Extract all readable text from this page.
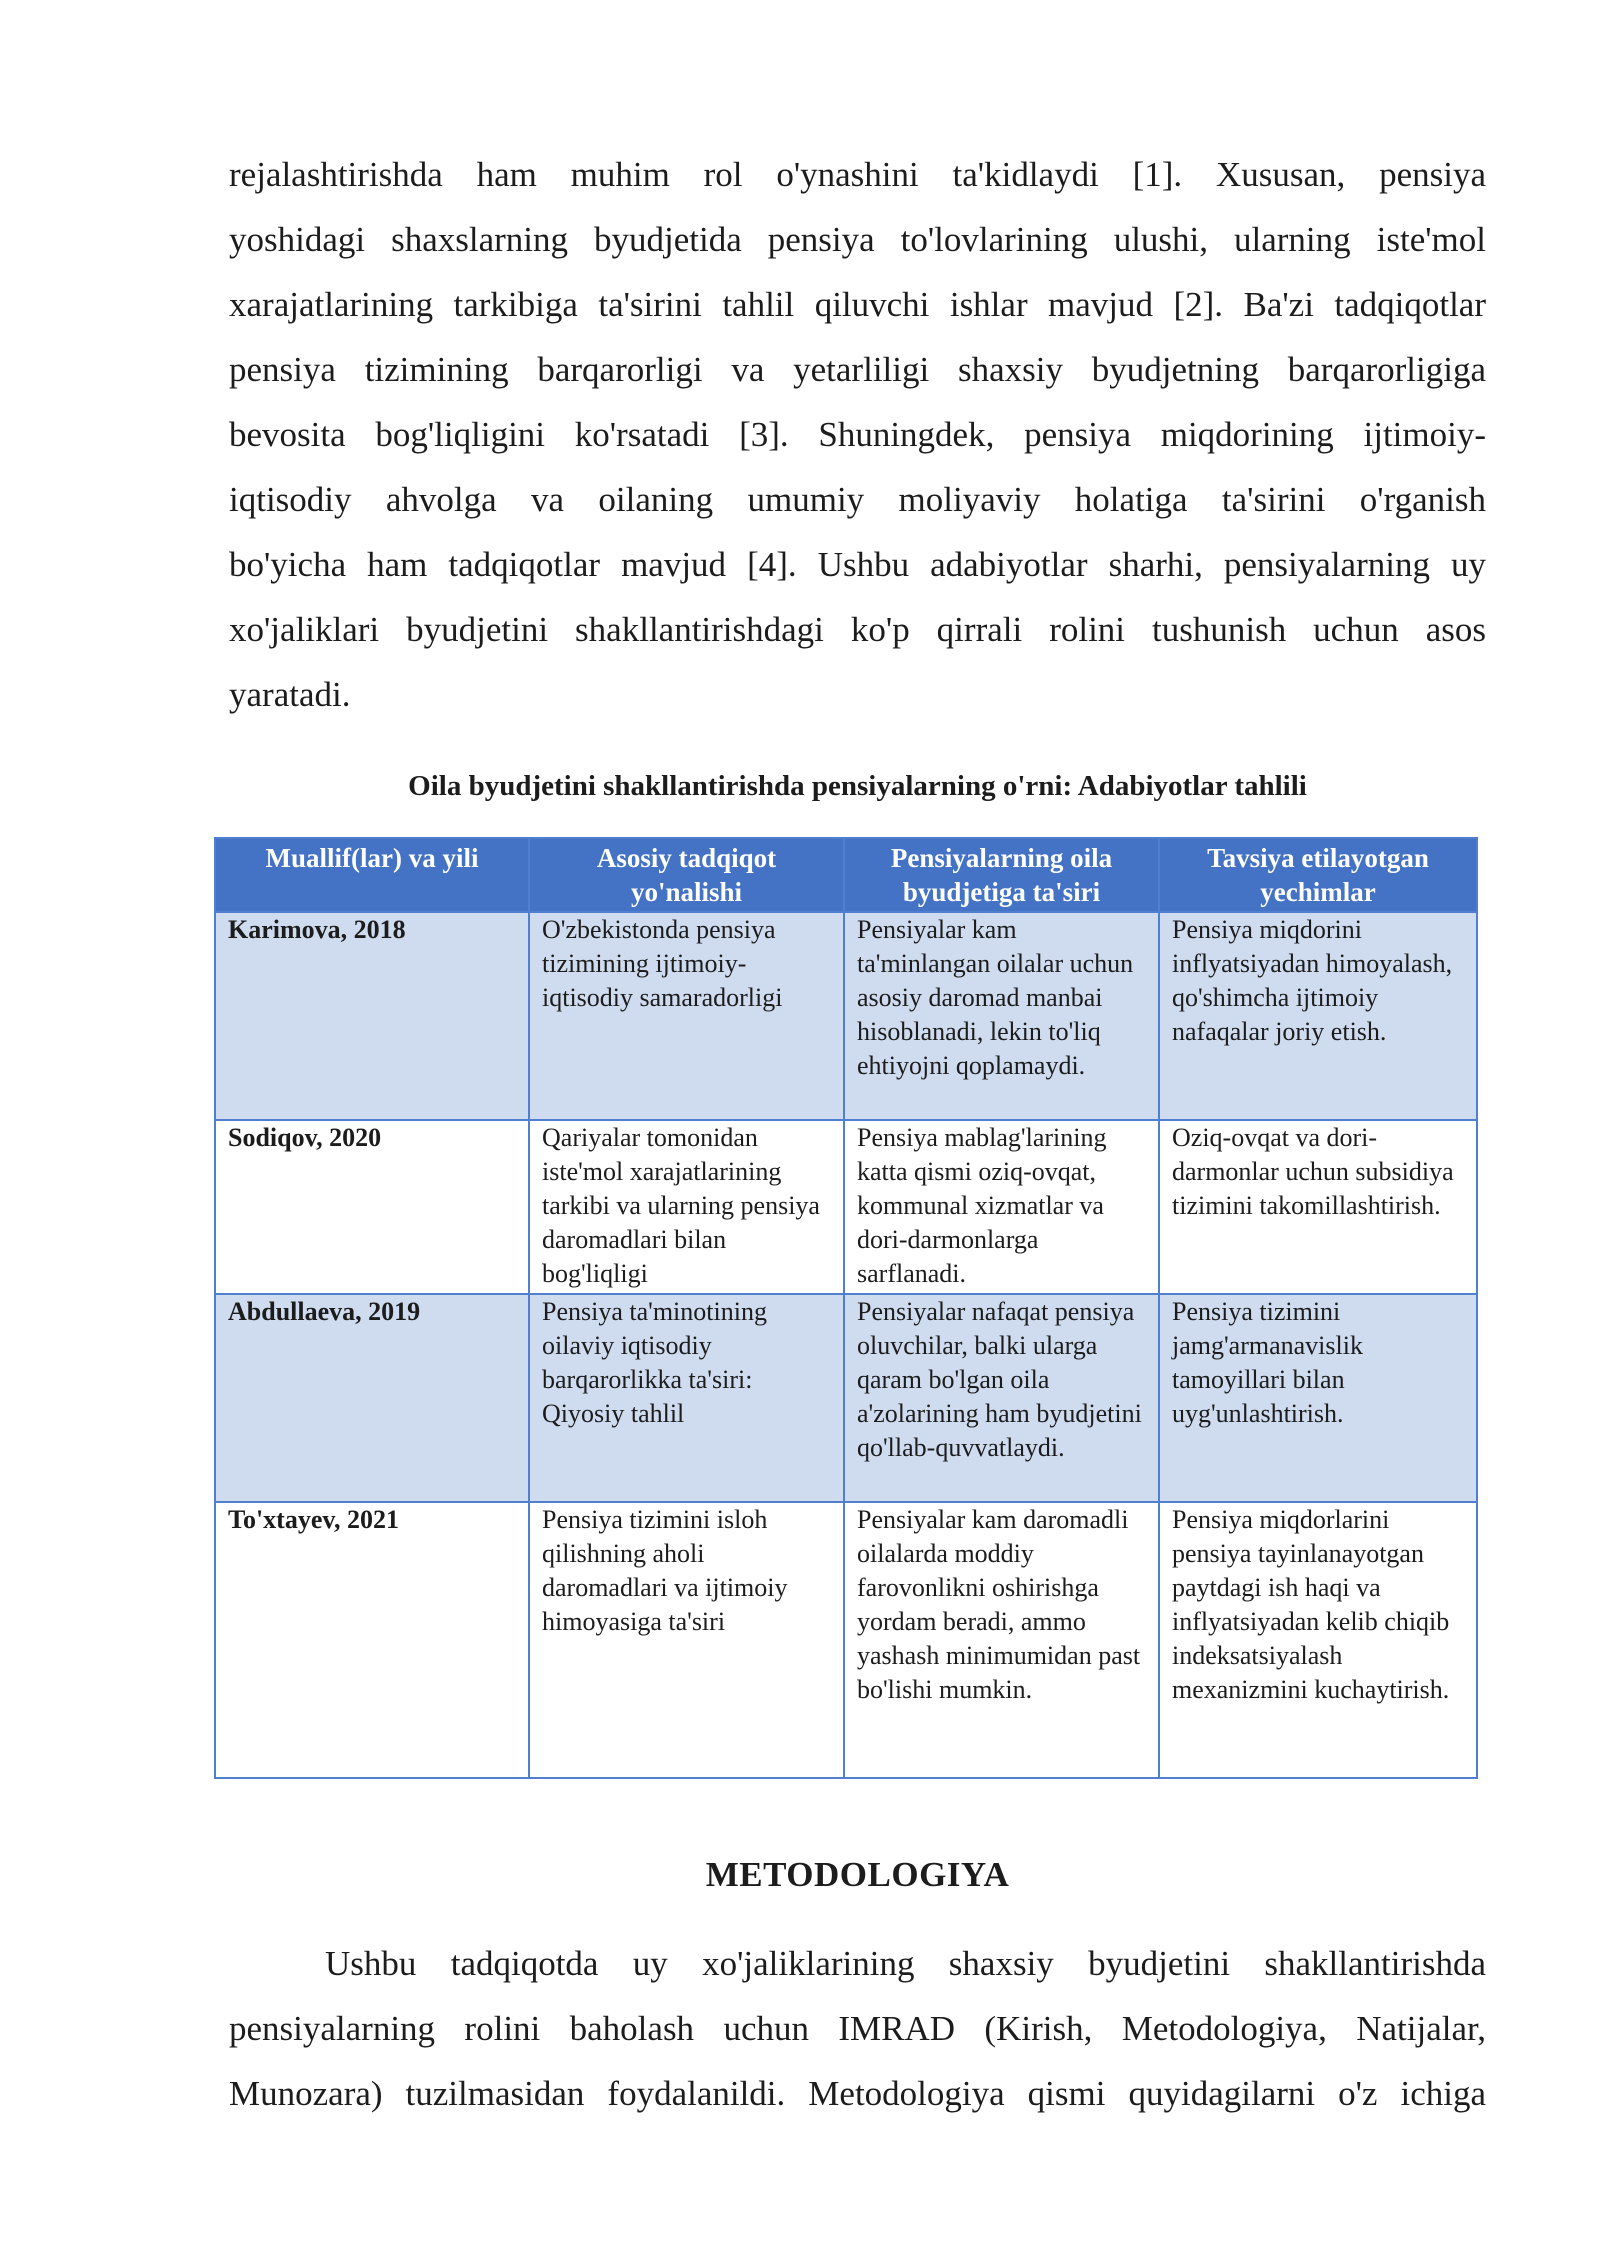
rejalashtirishda ham muhim rol o'ynashini ta'kidlaydi [1]. Xususan, pensiya
yoshidagi shaxslarning byudjetida pensiya to'lovlarining ulushi, ularning iste'mol
xarajatlarining tarkibiga ta'sirini tahlil qiluvchi ishlar mavjud [2]. Ba'zi tadqiqotlar
pensiya tizimining barqarorligi va yetarliligi shaxsiy byudjetning barqarorligiga
bevosita bog'liqligini ko'rsatadi [3]. Shuningdek, pensiya miqdorining ijtimoiy-
iqtisodiy ahvolga va oilaning umumiy moliyaviy holatiga ta'sirini o'rganish
bo'yicha ham tadqiqotlar mavjud [4]. Ushbu adabiyotlar sharhi, pensiyalarning uy
xo'jaliklari byudjetini shakllantirishdagi ko'p qirrali rolini tushunish uchun asos
yaratadi.

Oila byudjetini shakllantirishda pensiyalarning o'rni: Adabiyotlar tahlili

Muallif(lar) va yili	Asosiy tadqiqot yo'nalishi	Pensiyalarning oila byudjetiga ta'siri	Tavsiya etilayotgan yechimlar
Karimova, 2018	O'zbekistonda pensiya tizimining ijtimoiy-iqtisodiy samaradorligi	Pensiyalar kam ta'minlangan oilalar uchun asosiy daromad manbai hisoblanadi, lekin to'liq ehtiyojni qoplamaydi.	Pensiya miqdorini inflyatsiyadan himoyalash, qo'shimcha ijtimoiy nafaqalar joriy etish.
Sodiqov, 2020	Qariyalar tomonidan iste'mol xarajatlarining tarkibi va ularning pensiya daromadlari bilan bog'liqligi	Pensiya mablag'larining katta qismi oziq-ovqat, kommunal xizmatlar va dori-darmonlarga sarflanadi.	Oziq-ovqat va dori-darmonlar uchun subsidiya tizimini takomillashtirish.
Abdullaeva, 2019	Pensiya ta'minotining oilaviy iqtisodiy barqarorlikka ta'siri: Qiyosiy tahlil	Pensiyalar nafaqat pensiya oluvchilar, balki ularga qaram bo'lgan oila a'zolarining ham byudjetini qo'llab-quvvatlaydi.	Pensiya tizimini jamg'armanavislik tamoyillari bilan uyg'unlashtirish.
To'xtayev, 2021	Pensiya tizimini isloh qilishning aholi daromadlari va ijtimoiy himoyasiga ta'siri	Pensiyalar kam daromadli oilalarda moddiy farovonlikni oshirishga yordam beradi, ammo yashash minimumidan past bo'lishi mumkin.	Pensiya miqdorlarini pensiya tayinlanayotgan paytdagi ish haqi va inflyatsiyadan kelib chiqib indeksatsiyalash mexanizmini kuchaytirish.
METODOLOGIYA

Ushbu tadqiqotda uy xo'jaliklarining shaxsiy byudjetini shakllantirishda
pensiyalarning rolini baholash uchun IMRAD (Kirish, Metodologiya, Natijalar,
Munozara) tuzilmasidan foydalanildi. Metodologiya qismi quyidagilarni o'z ichiga
